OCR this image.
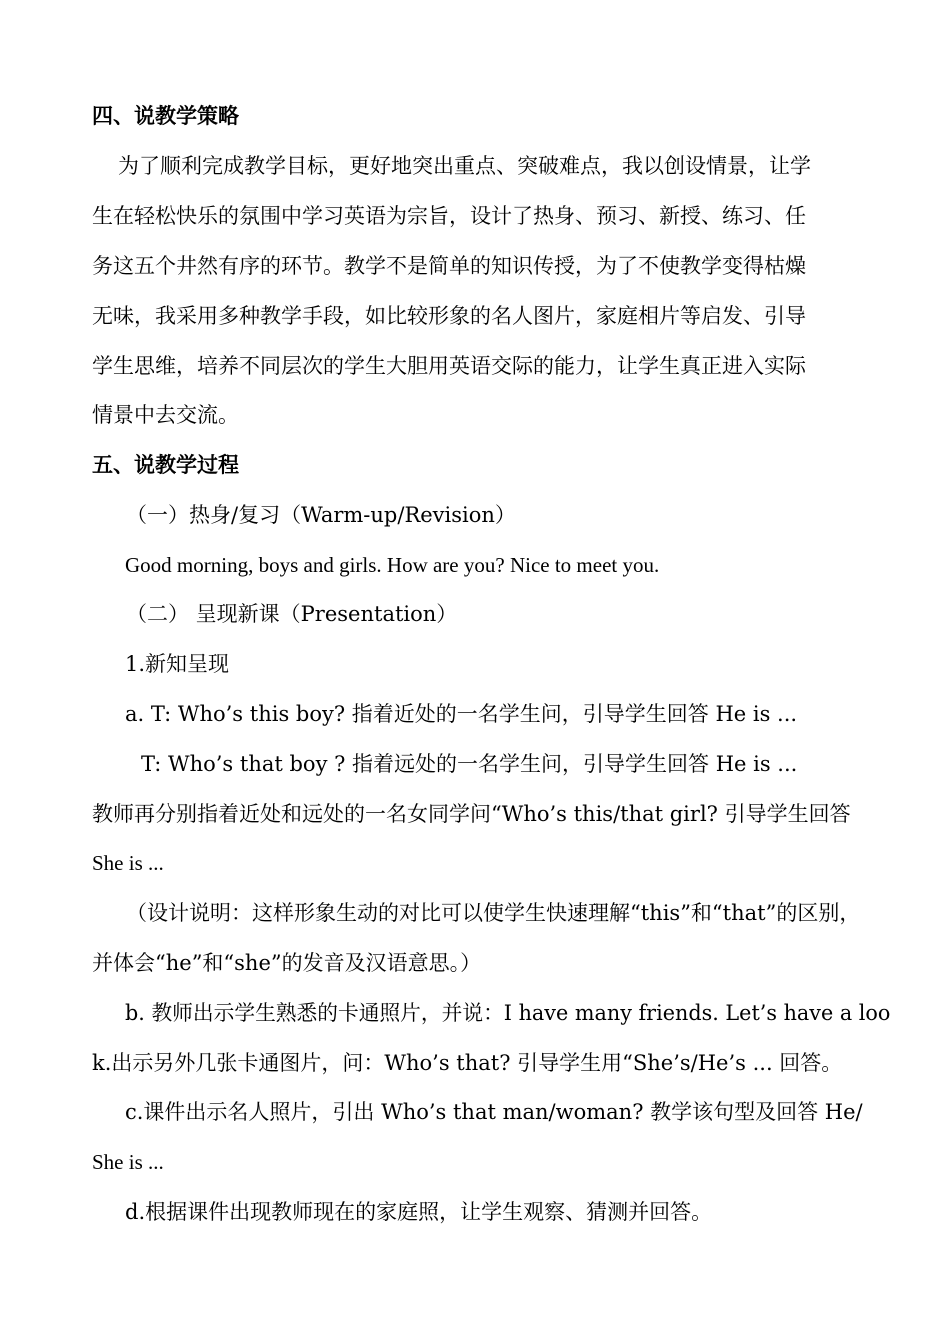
四、说教学策略
为了顺利完成教学目标，更好地突出重点、突破难点，我以创设情景，让学
生在轻松快乐的氛围中学习英语为宗旨，设计了热身、预习、新授、练习、任
务这五个井然有序的环节。教学不是简单的知识传授，为了不使教学变得枯燥
无味，我采用多种教学手段，如比较形象的名人图片，家庭相片等启发、引导
学生思维，培养不同层次的学生大胆用英语交际的能力，让学生真正进入实际
情景中去交流。
五、说教学过程
（一）热身/复习（Warm-up/Revision）
Good morning, boys and girls. How are you? Nice to meet you.
（二） 呈现新课（Presentation）
1.新知呈现
a. T: Who’s this boy? 指着近处的一名学生问，引导学生回答 He is ...
T: Who’s that boy ? 指着远处的一名学生问，引导学生回答 He is ...
教师再分别指着近处和远处的一名女同学问“Who’s this/that girl? 引导学生回答
She is ...
（设计说明：这样形象生动的对比可以使学生快速理解“this”和“that”的区别，
并体会“he”和“she”的发音及汉语意思。）
b. 教师出示学生熟悉的卡通照片，并说：I have many friends. Let’s have a loo
k.出示另外几张卡通图片，问：Who’s that? 引导学生用“She’s/He’s ... 回答。
c.课件出示名人照片，引出 Who’s that man/woman? 教学该句型及回答 He/
She is ...
d.根据课件出现教师现在的家庭照，让学生观察、猜测并回答。
